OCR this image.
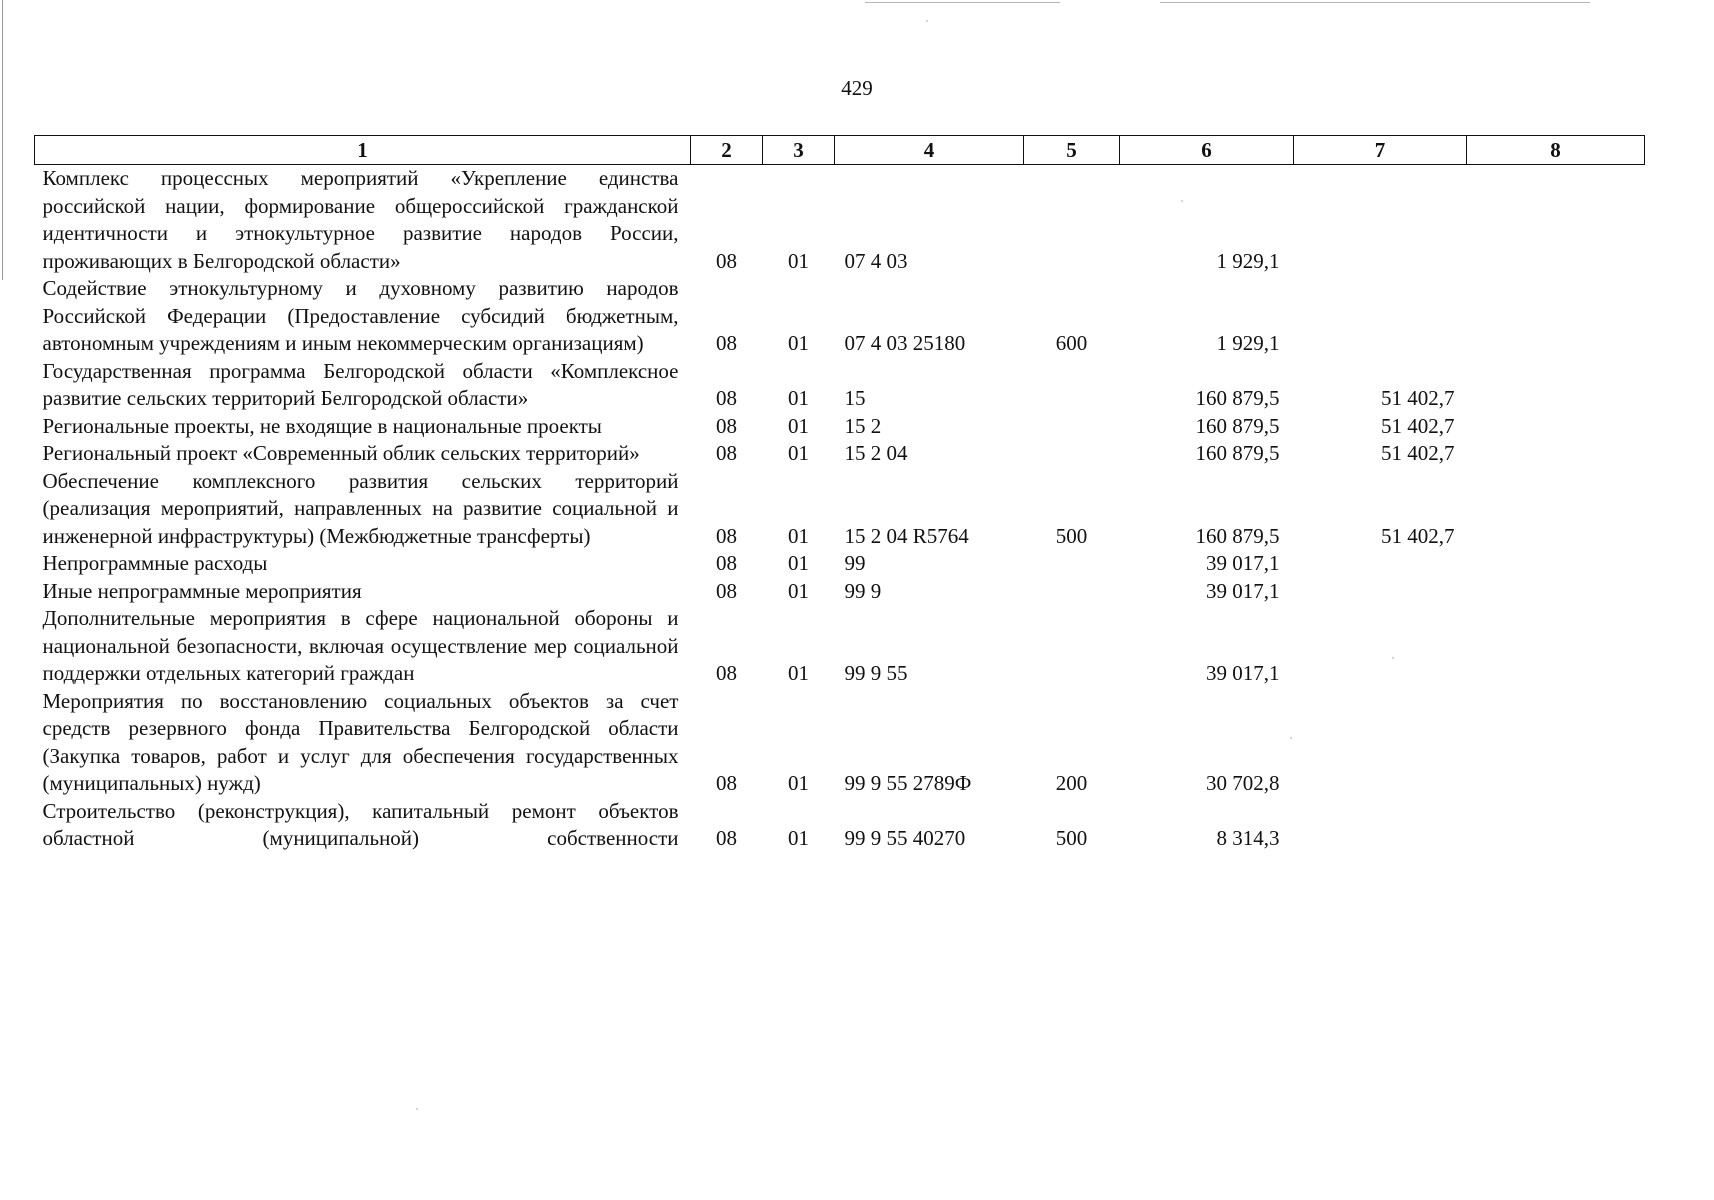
429
1	2	3	4	5	6	7	8
Комплекс процессных мероприятий «Укрепление единства российской нации, формирование общероссийской гражданской идентичности и этнокультурное развитие народов России, проживающих в Белгородской области»	08	01	07 4 03		1 929,1		
Содействие этнокультурному и духовному развитию народов Российской Федерации (Предоставление субсидий бюджетным, автономным учреждениям и иным некоммерческим организациям)	08	01	07 4 03 25180	600	1 929,1		
Государственная программа Белгородской области «Комплексное развитие сельских территорий Белгородской области»	08	01	15		160 879,5	51 402,7	
Региональные проекты, не входящие в национальные проекты	08	01	15 2		160 879,5	51 402,7	
Региональный проект «Современный облик сельских территорий»	08	01	15 2 04		160 879,5	51 402,7	
Обеспечение комплексного развития сельских территорий (реализация мероприятий, направленных на развитие социальной и инженерной инфраструктуры) (Межбюджетные трансферты)	08	01	15 2 04 R5764	500	160 879,5	51 402,7	
Непрограммные расходы	08	01	99		39 017,1		
Иные непрограммные мероприятия	08	01	99 9		39 017,1		
Дополнительные мероприятия в сфере национальной обороны и национальной безопасности, включая осуществление мер социальной поддержки отдельных категорий граждан	08	01	99 9 55		39 017,1		
Мероприятия по восстановлению социальных объектов за счет средств резервного фонда Правительства Белгородской области (Закупка товаров, работ и услуг для обеспечения государственных (муниципальных) нужд)	08	01	99 9 55 2789Ф	200	30 702,8		
Строительство (реконструкция), капитальный ремонт объектов областной (муниципальной) собственности	08	01	99 9 55 40270	500	8 314,3		
